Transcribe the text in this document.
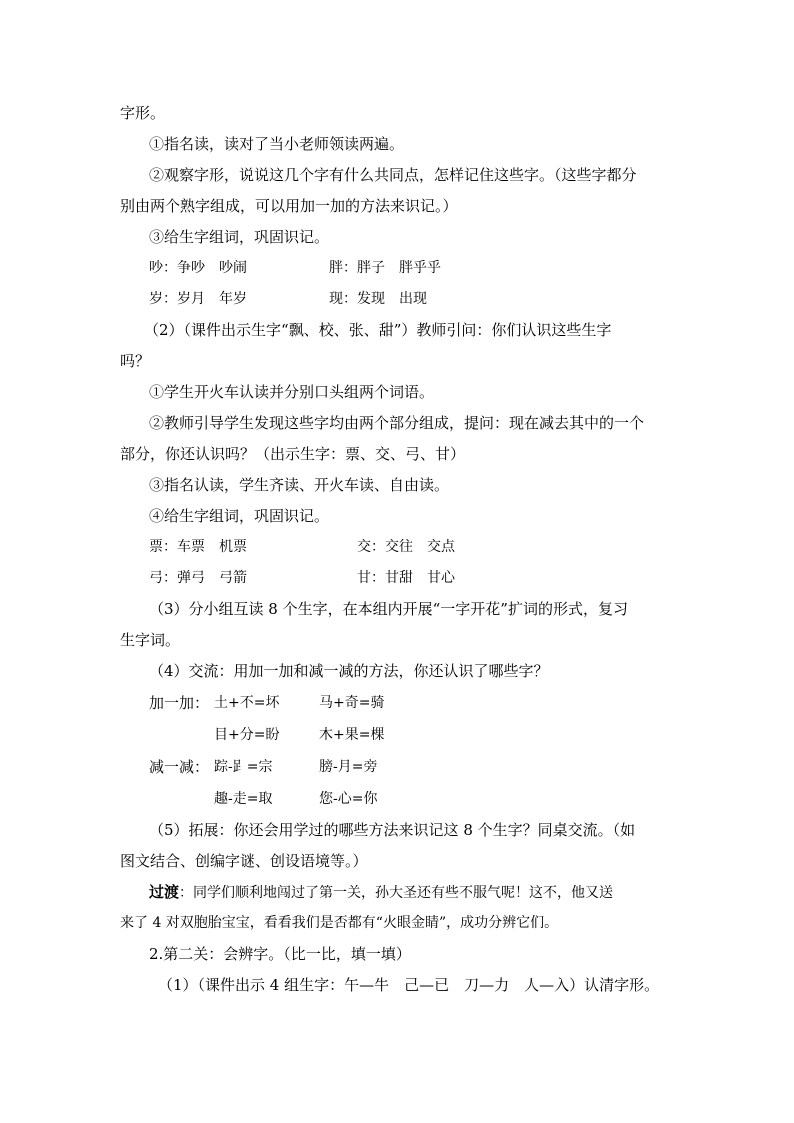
字形。
①指名读，读对了当小老师领读两遍。
②观察字形，说说这几个字有什么共同点，怎样记住这些字。（这些字都分
别由两个熟字组成，可以用加一加的方法来识记。）
③给生字组词，巩固识记。
吵：争吵　吵闹	胖：胖子　胖乎乎
岁：岁月　年岁	现：发现　出现
（2）（课件出示生字“飘、校、张、甜”）教师引问：你们认识这些生字
吗？
①学生开火车认读并分别口头组两个词语。
②教师引导学生发现这些字均由两个部分组成，提问：现在减去其中的一个
部分，你还认识吗？（出示生字：票、交、弓、甘）
③指名认读，学生齐读、开火车读、自由读。
④给生字组词，巩固识记。
票：车票　机票	交：交往　交点
弓：弹弓　弓箭	甘：甘甜　甘心
（3）分小组互读 8 个生字，在本组内开展“一字开花”扩词的形式，复习
生字词。
（4）交流：用加一加和减一减的方法，你还认识了哪些字？
加一加： 土+不=坏	马+奇=骑
目+分=盼	木+果=棵
减一减： 踪-𧾷=宗	膀-月=旁
趣-走=取	您-心=你
（5）拓展：你还会用学过的哪些方法来识记这 8 个生字？同桌交流。（如
图文结合、创编字谜、创设语境等。）
过渡：同学们顺利地闯过了第一关，孙大圣还有些不服气呢！这不，他又送
来了 4 对双胞胎宝宝，看看我们是否都有“火眼金睛”，成功分辨它们。
2.第二关：会辨字。（比一比，填一填）
（1）（课件出示 4 组生字：午—牛　己—已　刀—力　人—入）认清字形。
